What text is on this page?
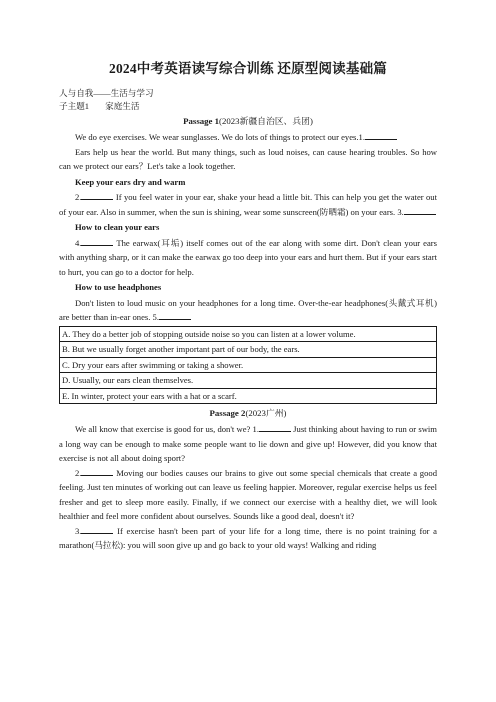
2024中考英语读写综合训练 还原型阅读基础篇
人与自我——生活与学习
子主题1 家庭生活
Passage 1(2023新疆自治区、兵团)

We do eye exercises. We wear sunglasses. We do lots of things to protect our eyes.1.

Ears help us hear the world. But many things, such as loud noises, can cause hearing troubles. So how can we protect our ears？Let's take a look together.

Keep your ears dry and warm

2.	If you feel water in your ear, shake your head a little bit. This can help you get the water out of your ear. Also in summer, when the sun is shining, wear some sunscreen(防晒霜) on your ears. 3.

How to clean your ears

4.	The earwax(耳垢) itself comes out of the ear along with some dirt. Don't clean your ears with anything sharp, or it can make the earwax go too deep into your ears and hurt them. But if your ears start to hurt, you can go to a doctor for help.

How to use headphones

Don't listen to loud music on your headphones for a long time. Over-the-ear headphones(头戴式耳机) are better than in-ear ones. 5.

A. They do a better job of stopping outside noise so you can listen at a lower volume.
B. But we usually forget another important part of our body, the ears.
C. Dry your ears after swimming or taking a shower.
D. Usually, our ears clean themselves.
E. In winter, protect your ears with a hat or a scarf.
Passage 2(2023广州)

We all know that exercise is good for us, don't we? 1.	Just thinking about having to run or swim a long way can be enough to make some people want to lie down and give up! However, did you know that exercise is not all about doing sport?

2.	Moving our bodies causes our brains to give out some special chemicals that create a good feeling. Just ten minutes of working out can leave us feeling happier. Moreover, regular exercise helps us feel fresher and get to sleep more easily. Finally, if we connect our exercise with a healthy diet, we will look healthier and feel more confident about ourselves. Sounds like a good deal, doesn't it?

3.	If exercise hasn't been part of your life for a long time, there is no point training for a marathon(马拉松): you will soon give up and go back to your old ways! Walking and riding
